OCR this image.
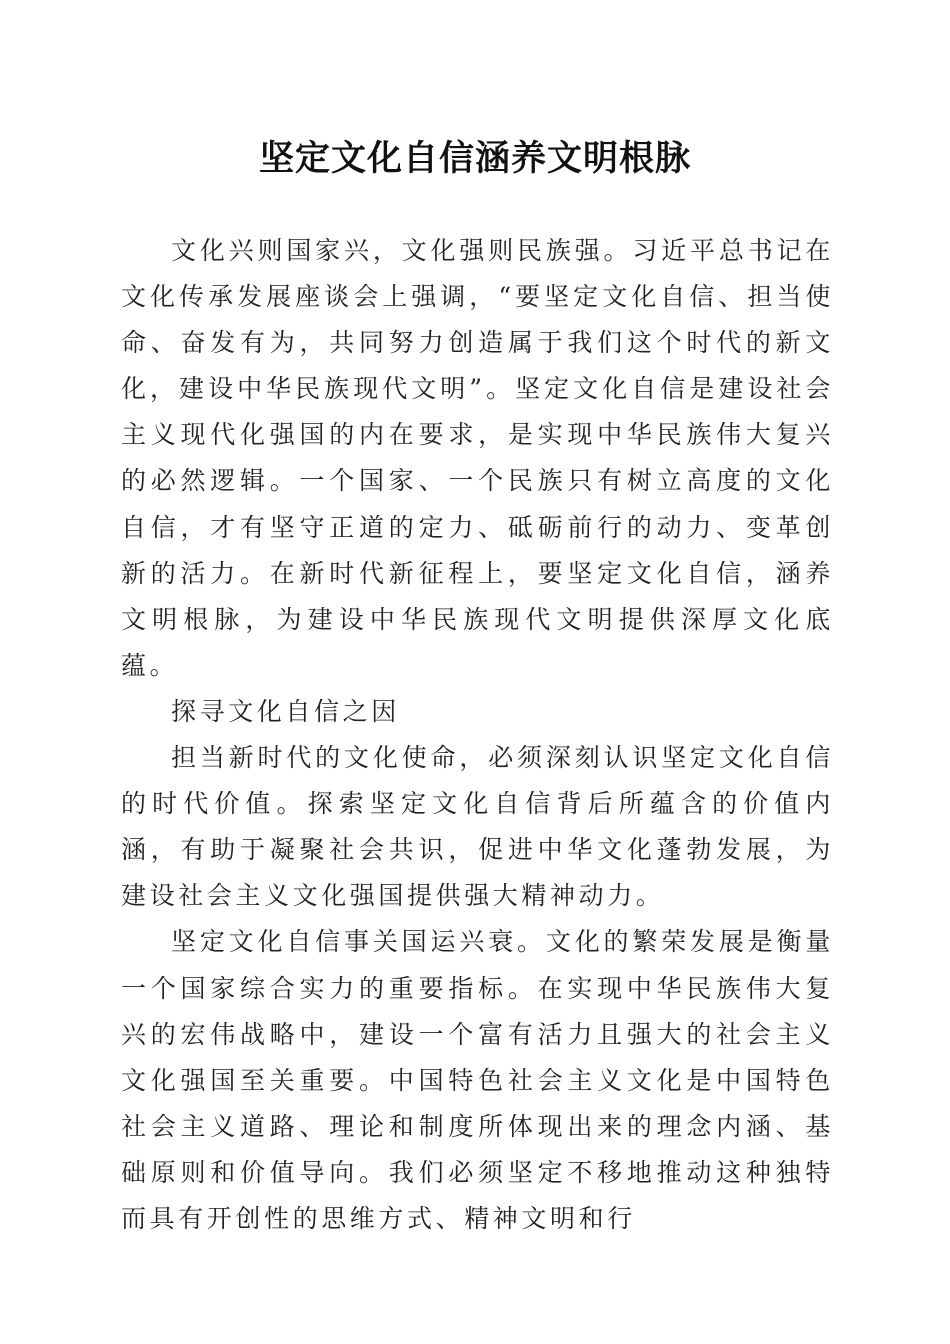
坚定文化自信涵养文明根脉

文化兴则国家兴，文化强则民族强。习近平总书记在文化传承发展座谈会上强调，“要坚定文化自信、担当使命、奋发有为，共同努力创造属于我们这个时代的新文化，建设中华民族现代文明”。坚定文化自信是建设社会主义现代化强国的内在要求，是实现中华民族伟大复兴的必然逻辑。一个国家、一个民族只有树立高度的文化自信，才有坚守正道的定力、砥砺前行的动力、变革创新的活力。在新时代新征程上，要坚定文化自信，涵养文明根脉，为建设中华民族现代文明提供深厚文化底蕴。

探寻文化自信之因

担当新时代的文化使命，必须深刻认识坚定文化自信的时代价值。探索坚定文化自信背后所蕴含的价值内涵，有助于凝聚社会共识，促进中华文化蓬勃发展，为建设社会主义文化强国提供强大精神动力。

坚定文化自信事关国运兴衰。文化的繁荣发展是衡量一个国家综合实力的重要指标。在实现中华民族伟大复兴的宏伟战略中，建设一个富有活力且强大的社会主义文化强国至关重要。中国特色社会主义文化是中国特色社会主义道路、理论和制度所体现出来的理念内涵、基础原则和价值导向。我们必须坚定不移地推动这种独特而具有开创性的思维方式、精神文明和行
